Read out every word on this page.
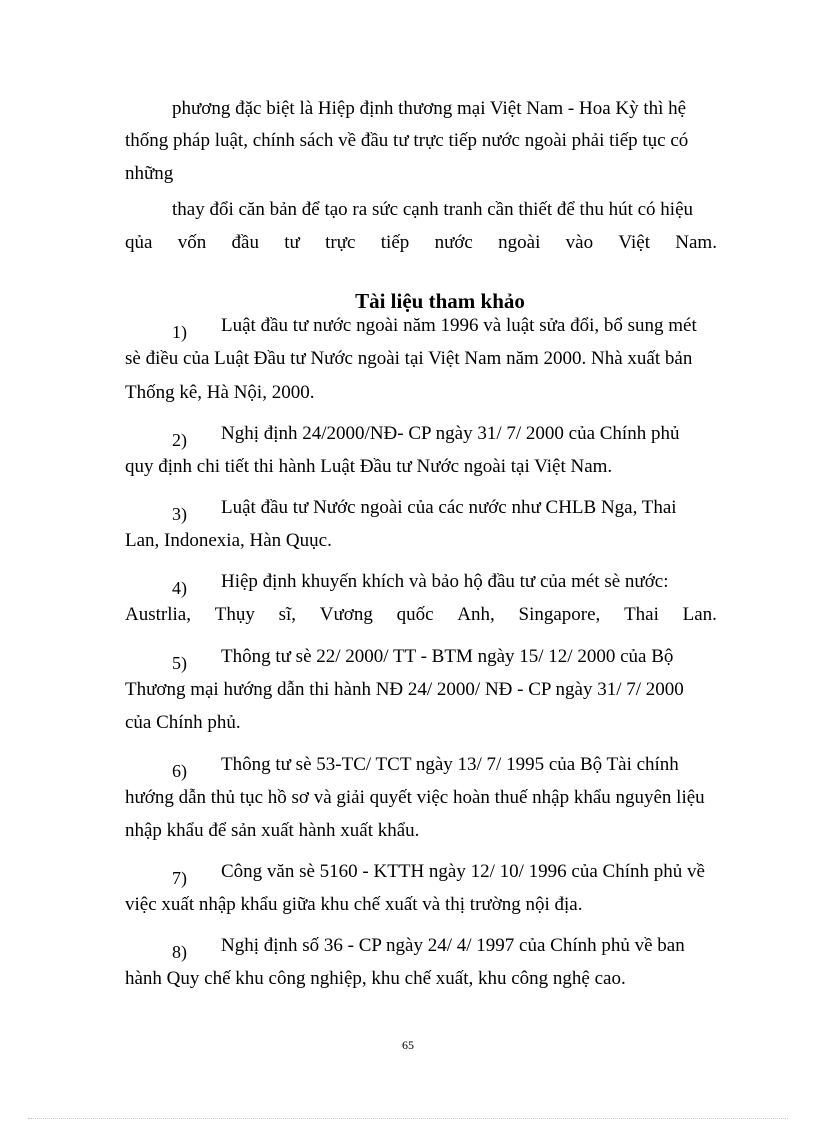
phương đặc biệt là Hiệp định thương mại Việt Nam - Hoa Kỳ thì hệ
thống pháp luật, chính sách về đầu tư trực tiếp nước ngoài phải tiếp tục có
những
thay đổi căn bản để tạo ra sức cạnh tranh cần thiết để thu hút có hiệu
qủa vốn đầu tư trực tiếp nước ngoài vào Việt Nam.
Tài liệu tham khảo
1) Luật đầu tư nước ngoài năm 1996 và luật sửa đổi, bổ sung mét
sè điều của Luật Đầu tư Nước ngoài tại Việt Nam năm 2000. Nhà xuất bản
Thống kê, Hà Nội, 2000.
2) Nghị định 24/2000/NĐ- CP ngày 31/ 7/ 2000 của Chính phủ
quy định chi tiết thi hành Luật Đầu tư Nước ngoài tại Việt Nam.
3) Luật đầu tư Nước ngoài của các nước như CHLB Nga, Thai
Lan, Indonexia, Hàn Quục.
4) Hiệp định khuyến khích và bảo hộ đầu tư của mét sè nước:
Austrlia, Thụy sĩ, Vương quốc Anh, Singapore, Thai Lan.
5) Thông tư sè 22/ 2000/ TT - BTM ngày 15/ 12/ 2000 của Bộ
Thương mại hướng dẫn thi hành NĐ 24/ 2000/ NĐ - CP ngày 31/ 7/ 2000
của Chính phủ.
6) Thông tư sè 53-TC/ TCT ngày 13/ 7/ 1995 của Bộ Tài chính
hướng dẫn thủ tục hồ sơ và giải quyết việc hoàn thuế nhập khẩu nguyên liệu
nhập khẩu để sản xuất hành xuất khẩu.
7) Công văn sè 5160 - KTTH ngày 12/ 10/ 1996 của Chính phủ về
việc xuất nhập khẩu giữa khu chế xuất và thị trường nội địa.
8) Nghị định số 36 - CP ngày 24/ 4/ 1997 của Chính phủ về ban
hành Quy chế khu công nghiệp, khu chế xuất, khu công nghệ cao.
65
